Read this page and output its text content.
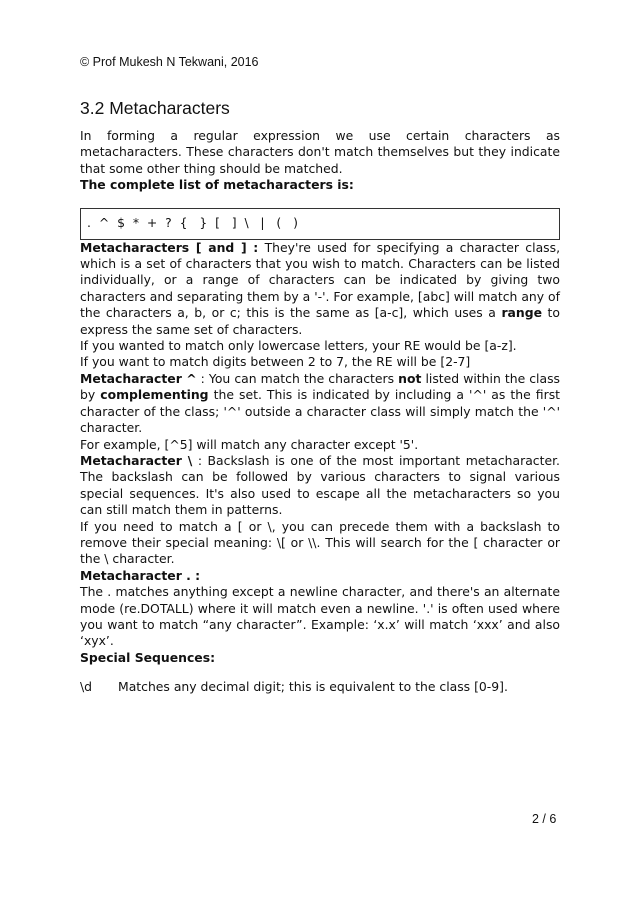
© Prof Mukesh N Tekwani, 2016
3.2 Metacharacters

In forming a regular expression we use certain characters as metacharacters. These characters don't match themselves but they indicate that some other thing should be matched.

The complete list of metacharacters is:

.  ^  $  *  +  ?  {   }  [   ]  \   |   (   )

Metacharacters [ and ] : They're used for specifying a character class, which is a set of characters that you wish to match. Characters can be listed individually, or a range of characters can be indicated by giving two characters and separating them by a '-'. For example, [abc] will match any of the characters a, b, or c; this is the same as [a-c], which uses a range to express the same set of characters.

If you wanted to match only lowercase letters, your RE would be [a-z].

If you want to match digits between 2 to 7, the RE will be [2-7]

Metacharacter ^ : You can match the characters not listed within the class by complementing the set. This is indicated by including a '^' as the first character of the class; '^' outside a character class will simply match the '^' character.

For example, [^5] will match any character except '5'.

Metacharacter \ : Backslash is one of the most important metacharacter. The backslash can be followed by various characters to signal various special sequences. It's also used to escape all the metacharacters so you can still match them in patterns.

If you need to match a [ or \, you can precede them with a backslash to remove their special meaning: \[ or \\. This will search for the [ character or the \ character.

Metacharacter . :

The . matches anything except a newline character, and there's an alternate mode (re.DOTALL) where it will match even a newline. '.' is often used where you want to match “any character”. Example: ‘x.x’ will match ‘xxx’ and also ‘xyx’.

Special Sequences:

\d	Matches any decimal digit; this is equivalent to the class [0-9].
2 / 6
